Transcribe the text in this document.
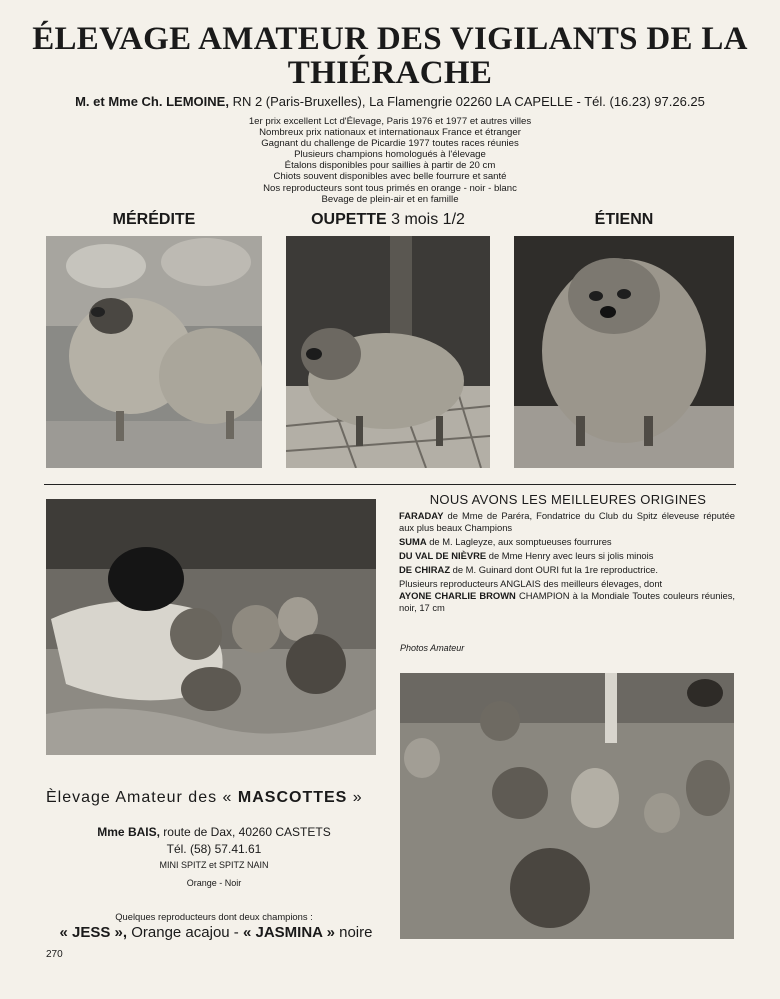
ÉLEVAGE AMATEUR DES VIGILANTS DE LA THIÉRACHE
M. et Mme Ch. LEMOINE, RN 2 (Paris-Bruxelles), La Flamengrie 02260 LA CAPELLE - Tél. (16.23) 97.26.25
1er prix excellent Lct d'Élevage, Paris 1976 et 1977 et autres villes
Nombreux prix nationaux et internationaux France et étranger
Gagnant du challenge de Picardie 1977 toutes races réunies
Plusieurs champions homologués à l'élevage
Étalons disponibles pour saillies à partir de 20 cm
Chiots souvent disponibles avec belle fourrure et santé
Nos reproducteurs sont tous primés en orange - noir - blanc
Bevage de plein-air et en famille
MÉRÉDITE	OUPETTE 3 mois 1/2	ÉTIENN
NOUS AVONS LES MEILLEURES ORIGINES

FARADAY de Mme de Paréra, Fondatrice du Club du Spitz éleveuse réputée aux plus beaux Champions

SUMA de M. Lagleyze, aux somptueuses fourrures

DU VAL DE NIÈVRE de Mme Henry avec leurs si jolis minois

DE CHIRAZ de M. Guinard dont OURI fut la 1re reproductrice.

Plusieurs reproducteurs ANGLAIS des meilleurs élevages, dont
AYONE CHARLIE BROWN CHAMPION à la Mondiale Toutes couleurs réunies, noir, 17 cm

Photos Amateur
Èlevage Amateur des « MASCOTTES »
Mme BAIS, route de Dax, 40260 CASTETS
Tél. (58) 57.41.61
MINI SPITZ et SPITZ NAIN
Orange - Noir
Quelques reproducteurs dont deux champions :
« JESS », Orange acajou - « JASMINA » noire
270
